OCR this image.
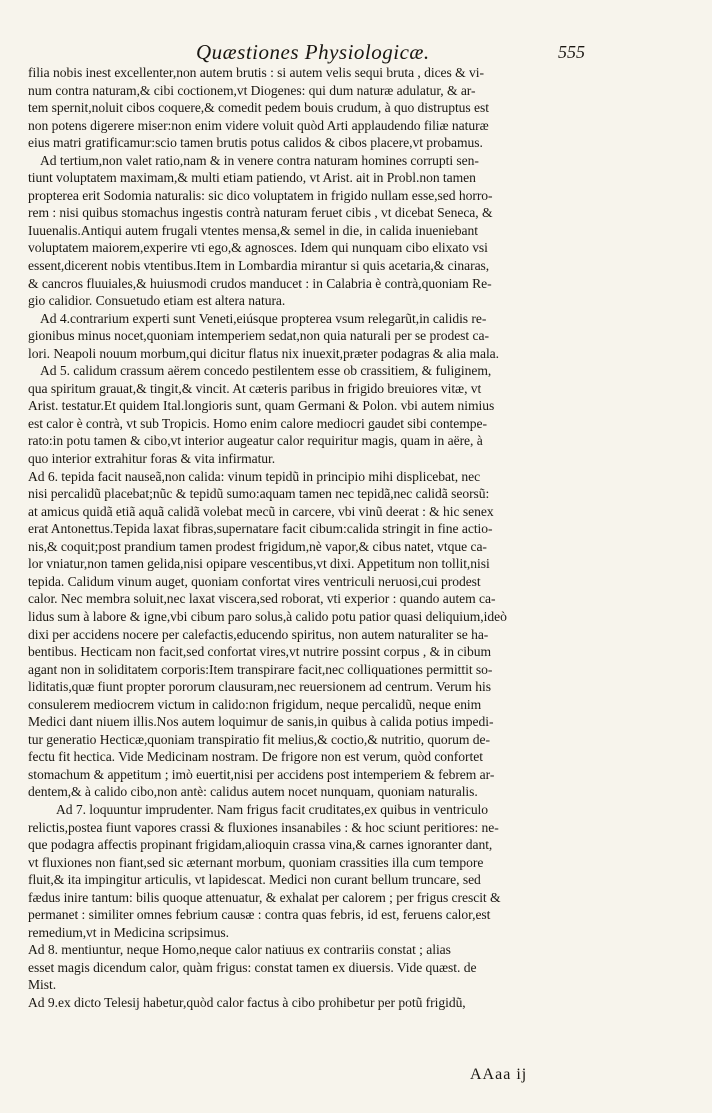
Quæstiones Physiologicæ.	555
filia nobis inest excellenter,non autem brutis : si autem velis sequi bruta , dices & vi-
num contra naturam,& cibi coctionem,vt Diogenes: qui dum naturæ adulatur, & ar-
tem spernit,noluit cibos coquere,& comedit pedem bouis crudum, à quo distruptus est
non potens digerere miser:non enim videre voluit quòd Arti applaudendo filiæ naturæ
eius matri gratificamur:scio tamen brutis potus calidos & cibos placere,vt probamus.
Ad tertium,non valet ratio,nam & in venere contra naturam homines corrupti sen-
tiunt voluptatem maximam,& multi etiam patiendo, vt Arist. ait in Probl.non tamen
propterea erit Sodomia naturalis: sic dico voluptatem in frigido nullam esse,sed horro-
rem : nisi quibus stomachus ingestis contrà naturam feruet cibis , vt dicebat Seneca, &
Iuuenalis.Antiqui autem frugali vtentes mensa,& semel in die, in calida inueniebant
voluptatem maiorem,experire vti ego,& agnosces. Idem qui nunquam cibo elixato vsi
essent,dicerent nobis vtentibus.Item in Lombardia mirantur si quis acetaria,& cinaras,
& cancros fluuiales,& huiusmodi crudos manducet : in Calabria è contrà,quoniam Re-
gio calidior. Consuetudo etiam est altera natura.
Ad 4.contrarium experti sunt Veneti,eiúsque propterea vsum relegarũt,in calidis re-
gionibus minus nocet,quoniam intemperiem sedat,non quia naturali per se prodest ca-
lori. Neapoli nouum morbum,qui dicitur flatus nix inuexit,præter podagras & alia mala.
Ad 5. calidum crassum aërem concedo pestilentem esse ob crassitiem, & fuliginem,
qua spiritum grauat,& tingit,& vincit. At cæteris paribus in frigido breuiores vitæ, vt
Arist. testatur.Et quidem Ital.longioris sunt, quam Germani & Polon. vbi autem nimius
est calor è contrà, vt sub Tropicis. Homo enim calore mediocri gaudet sibi contempe-
rato:in potu tamen & cibo,vt interior augeatur calor requiritur magis, quam in aëre, à
quo interior extrahitur foras & vita infirmatur.
Ad 6. tepida facit nauseã,non calida: vinum tepidũ in principio mihi displicebat, nec
nisi percalidũ placebat;nũc & tepidũ sumo:aquam tamen nec tepidã,nec calidã seorsũ:
at amicus quidã etiã aquã calidã volebat mecũ in carcere, vbi vinũ deerat : & hic senex
erat Antonettus.Tepida laxat fibras,supernatare facit cibum:calida stringit in fine actio-
nis,& coquit;post prandium tamen prodest frigidum,nè vapor,& cibus natet, vtque ca-
lor vniatur,non tamen gelida,nisi opipare vescentibus,vt dixi. Appetitum non tollit,nisi
tepida. Calidum vinum auget, quoniam confortat vires ventriculi neruosi,cui prodest
calor. Nec membra soluit,nec laxat viscera,sed roborat, vti experior : quando autem ca-
lidus sum à labore & igne,vbi cibum paro solus,à calido potu patior quasi deliquium,ideò
dixi per accidens nocere per calefactis,educendo spiritus, non autem naturaliter se ha-
bentibus. Hecticam non facit,sed confortat vires,vt nutrire possint corpus , & in cibum
agant non in soliditatem corporis:Item transpirare facit,nec colliquationes permittit so-
liditatis,quæ fiunt propter pororum clausuram,nec reuersionem ad centrum. Verum his
consulerem mediocrem victum in calido:non frigidum, neque percalidũ, neque enim
Medici dant niuem illis.Nos autem loquimur de sanis,in quibus à calida potius impedi-
tur generatio Hecticæ,quoniam transpiratio fit melius,& coctio,& nutritio, quorum de-
fectu fit hectica. Vide Medicinam nostram. De frigore non est verum, quòd confortet
stomachum & appetitum ; imò euertit,nisi per accidens post intemperiem & febrem ar-
dentem,& à calido cibo,non antè: calidus autem nocet nunquam, quoniam naturalis.
Ad 7. loquuntur imprudenter. Nam frigus facit cruditates,ex quibus in ventriculo
relictis,postea fiunt vapores crassi & fluxiones insanabiles : & hoc sciunt peritiores: ne-
que podagra affectis propinant frigidam,alioquin crassa vina,& carnes ignoranter dant,
vt fluxiones non fiant,sed sic æternant morbum, quoniam crassities illa cum tempore
fluit,& ita impingitur articulis, vt lapidescat. Medici non curant bellum truncare, sed
fædus inire tantum: bilis quoque attenuatur, & exhalat per calorem ; per frigus crescit &
permanet : similiter omnes febrium causæ : contra quas febris, id est, feruens calor,est
remedium,vt in Medicina scripsimus.
Ad 8. mentiuntur, neque Homo,neque calor natiuus ex contrariis constat ; alias
esset magis dicendum calor, quàm frigus: constat tamen ex diuersis. Vide quæst. de
Mist.
Ad 9.ex dicto Telesij habetur,quòd calor factus à cibo prohibetur per potũ frigidũ,
AAaa ij
